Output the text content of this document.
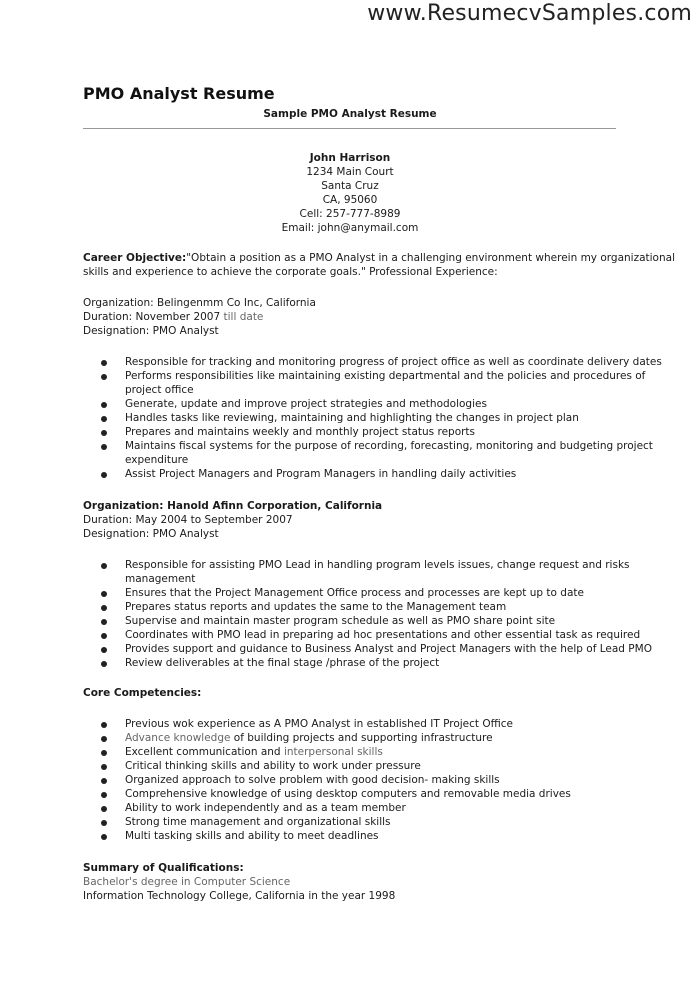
www.ResumecvSamples.com
PMO Analyst Resume
Sample PMO Analyst Resume
John Harrison
1234 Main Court
Santa Cruz
CA, 95060
Cell: 257-777-8989
Email: john@anymail.com
Career Objective:"Obtain a position as a PMO Analyst in a challenging environment wherein my organizational
skills and experience to achieve the corporate goals." Professional Experience:
Organization: Belingenmm Co Inc, California
Duration: November 2007 till date
Designation: PMO Analyst
Responsible for tracking and monitoring progress of project office as well as coordinate delivery dates
Performs responsibilities like maintaining existing departmental and the policies and procedures of
project office
Generate, update and improve project strategies and methodologies
Handles tasks like reviewing, maintaining and highlighting the changes in project plan
Prepares and maintains weekly and monthly project status reports
Maintains fiscal systems for the purpose of recording, forecasting, monitoring and budgeting project
expenditure
Assist Project Managers and Program Managers in handling daily activities
Organization: Hanold Afinn Corporation, California
Duration: May 2004 to September 2007
Designation: PMO Analyst
Responsible for assisting PMO Lead in handling program levels issues, change request and risks
management
Ensures that the Project Management Office process and processes are kept up to date
Prepares status reports and updates the same to the Management team
Supervise and maintain master program schedule as well as PMO share point site
Coordinates with PMO lead in preparing ad hoc presentations and other essential task as required
Provides support and guidance to Business Analyst and Project Managers with the help of Lead PMO
Review deliverables at the final stage /phrase of the project
Core Competencies:
Previous wok experience as A PMO Analyst in established IT Project Office
Advance knowledge of building projects and supporting infrastructure
Excellent communication and interpersonal skills
Critical thinking skills and ability to work under pressure
Organized approach to solve problem with good decision- making skills
Comprehensive knowledge of using desktop computers and removable media drives
Ability to work independently and as a team member
Strong time management and organizational skills
Multi tasking skills and ability to meet deadlines
Summary of Qualifications:
Bachelor's degree in Computer Science
Information Technology College, California in the year 1998
